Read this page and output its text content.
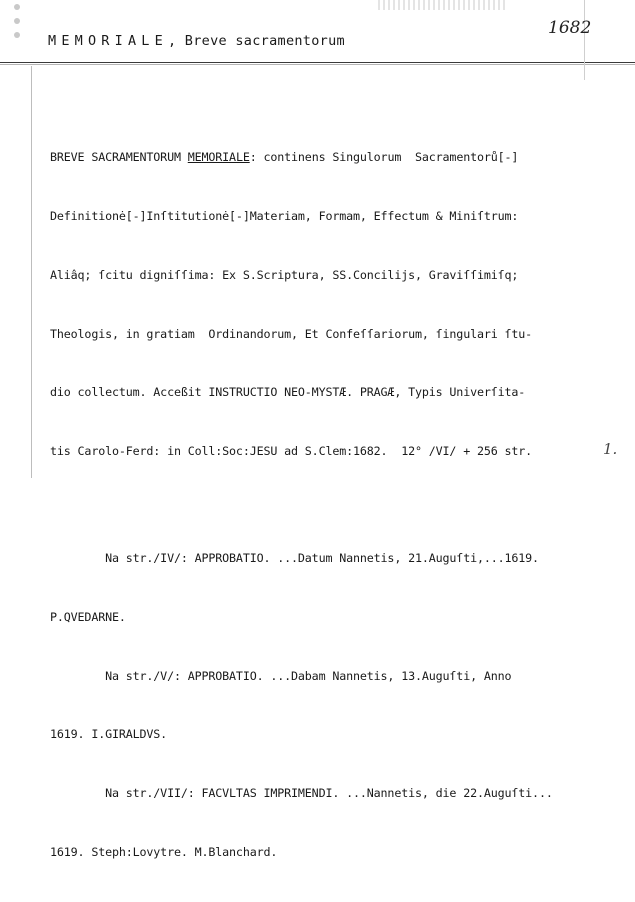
MEMORIALE, Breve sacramentorum
1682

BREVE SACRAMENTORUM MEMORIALE: continens Singulorum  Sacramentorů[-]

Definitionė[-]Inſtitutionė[-]Materiam, Formam, Effectum & Miniſtrum:

Aliâq; ſcitu digniſſima: Ex S.Scriptura, SS.Concilijs, Graviſſimiſq;

Theologis, in gratiam  Ordinandorum, Et Confeſſariorum, ſingulari ſtu-

dio collectum. Acceßit INSTRUCTIO NEO-MYSTÆ. PRAGÆ, Typis Univerſita-

tis Carolo-Ferd: in Coll:Soc:JESU ad S.Clem:1682.  12° /VI/ + 256 str.

Na str./IV/: APPROBATIO. ...Datum Nannetis, 21.Auguſti,...1619.

P.QVEDARNE.

Na str./V/: APPROBATIO. ...Dabam Nannetis, 13.Auguſti, Anno

1619. I.GIRALDVS.

Na str./VII/: FACVLTAS IMPRIMENDI. ...Nannetis, die 22.Auguſti...

1619. Steph:Lovytre. M.Blanchard.

1.
